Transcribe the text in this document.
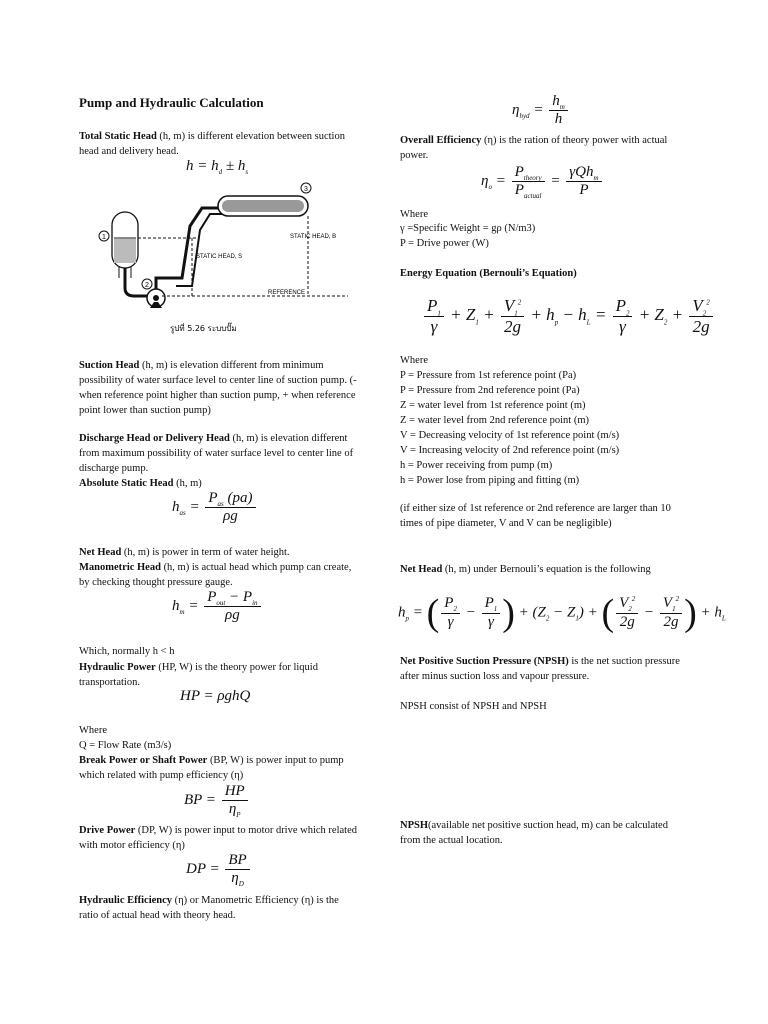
Pump and Hydraulic Calculation
Total Static Head (h, m) is different elevation between suction head and delivery head.
$h = h_d \pm h_s$
1
2
3
STATIC HEAD, S
STATIC HEAD, B
REFERENCE
รูปที่ 5.26 ระบบปั๊ม
Suction Head (h, m) is elevation different from minimum possibility of water surface level to center line of suction pump. (- when reference point higher than suction pump, + when reference point lower than suction pump)
Discharge Head or Delivery Head (h, m) is elevation different from maximum possibility of water surface level to center line of discharge pump.
Absolute Static Head (h, m)
$h_{as} = \frac{P_{as} (pa)}{\rho g}$
Net Head (h, m) is power in term of water height.
Manometric Head (h, m) is actual head which pump can create, by checking thought pressure gauge.
$h_m = \frac{P_{out} - P_{in}}{\rho g}$
Which, normally h < h
Hydraulic Power (HP, W) is the theory power for liquid transportation.
HP = ρghQ
Where
Q = Flow Rate (m3/s)
Break Power or Shaft Power (BP, W) is power input to pump which related with pump efficiency (η)
BP = $\frac{HP}{\eta_P}$
Drive Power (DP, W) is power input to motor drive which related with motor efficiency (η)
DP = $\frac{BP}{\eta_D}$
Hydraulic Efficiency (η) or Manometric Efficiency (η) is the ratio of actual head with theory head.
$\eta_{hyd} = \frac{h_m}{h}$
Overall Efficiency (η) is the ration of theory power with actual power.
$\eta_o = \frac{P_{theory}}{P_{actual}} = \frac{\gamma Qh_m}{P}$
Where
γ =Specific Weight = gρ (N/m3)
P = Drive power (W)
Energy Equation (Bernouli’s Equation)
$\frac{P_1}{\gamma} + Z_1 + \frac{V_1^2}{2g} + h_p - h_L = \frac{P_2}{\gamma} + Z_2 + \frac{V_2^2}{2g}$
Where
P = Pressure from 1st reference point (Pa)
P = Pressure from 2nd reference point (Pa)
Z = water level from 1st reference point (m)
Z = water level from 2nd reference point (m)
V = Decreasing velocity of 1st reference point (m/s)
V = Increasing velocity of 2nd reference point (m/s)
h = Power receiving from pump (m)
h = Power lose from piping and fitting (m)
(if either size of 1st reference or 2nd reference are larger than 10 times of pipe diameter, V and V can be negligible)
Net Head (h, m) under Bernouli’s equation is the following
$h_p$ = ( $\frac{P_2}{\gamma} - \frac{P_1}{\gamma}$ ) + $(Z_2 - Z_1)$ + ( $\frac{V_2^2}{2g} - \frac{V_1^2}{2g}$ ) + $h_L$
Net Positive Suction Pressure (NPSH) is the net suction pressure after minus suction loss and vapour pressure.
NPSH consist of NPSH and NPSH
NPSH(available net positive suction head, m) can be calculated from the actual location.
